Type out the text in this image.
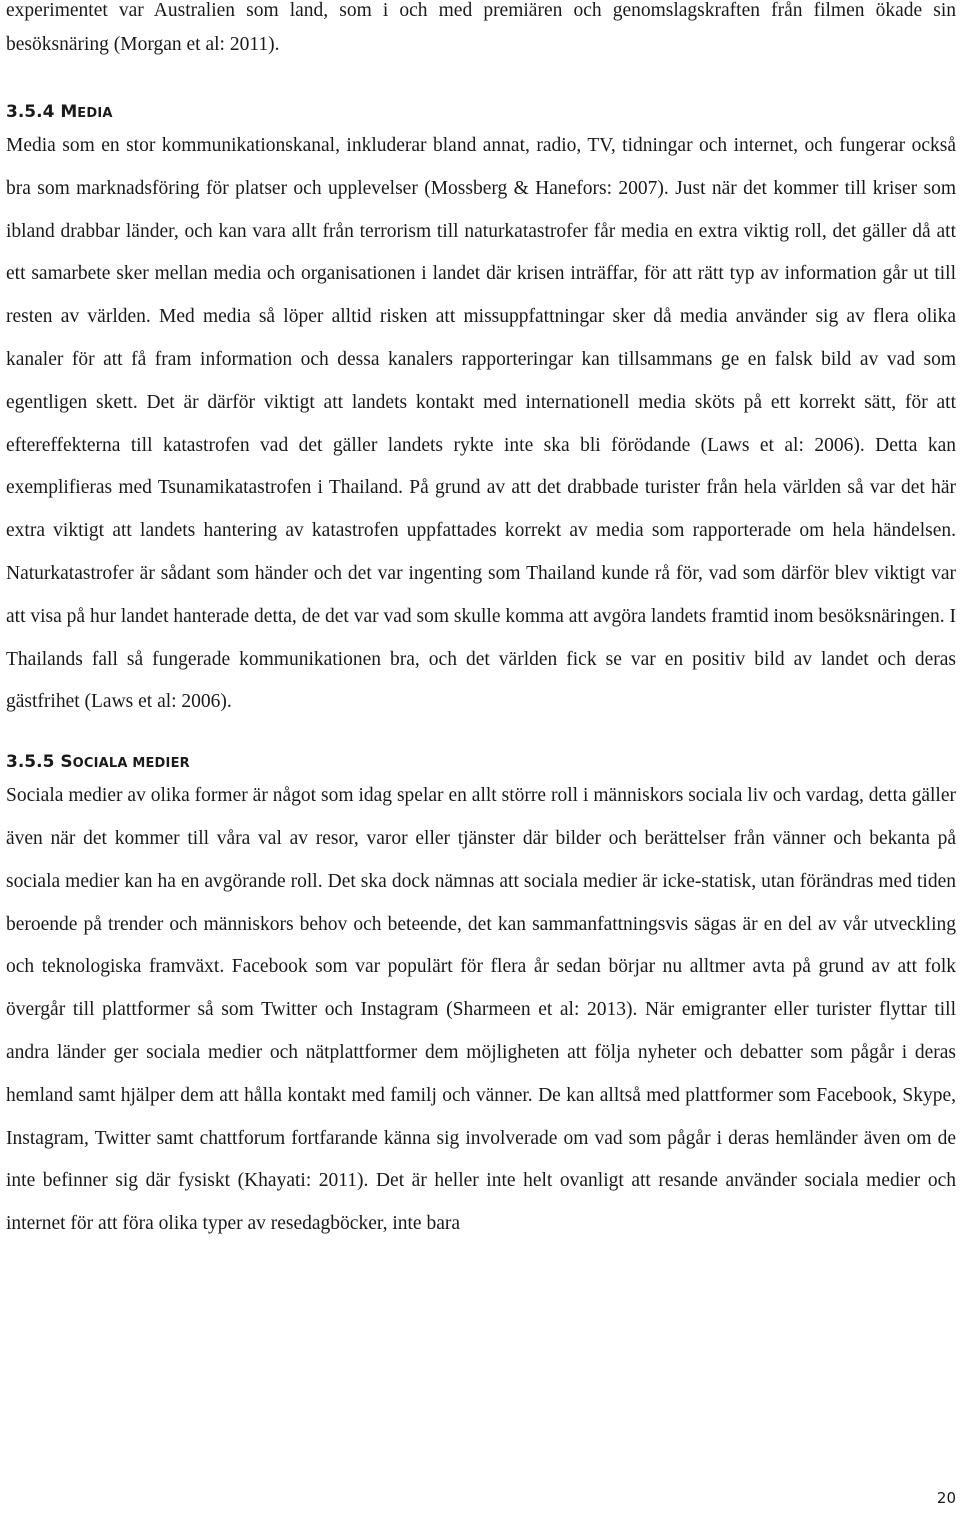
experimentet var Australien som land, som i och med premiären och genomslagskraften från filmen ökade sin besöksnäring (Morgan et al: 2011).

3.5.4 MEDIA

Media som en stor kommunikationskanal, inkluderar bland annat, radio, TV, tidningar och internet, och fungerar också bra som marknadsföring för platser och upplevelser (Mossberg & Hanefors: 2007). Just när det kommer till kriser som ibland drabbar länder, och kan vara allt från terrorism till naturkatastrofer får media en extra viktig roll, det gäller då att ett samarbete sker mellan media och organisationen i landet där krisen inträffar, för att rätt typ av information går ut till resten av världen. Med media så löper alltid risken att missuppfattningar sker då media använder sig av flera olika kanaler för att få fram information och dessa kanalers rapporteringar kan tillsammans ge en falsk bild av vad som egentligen skett. Det är därför viktigt att landets kontakt med internationell media sköts på ett korrekt sätt, för att eftereffekterna till katastrofen vad det gäller landets rykte inte ska bli förödande (Laws et al: 2006). Detta kan exemplifieras med Tsunamikatastrofen i Thailand. På grund av att det drabbade turister från hela världen så var det här extra viktigt att landets hantering av katastrofen uppfattades korrekt av media som rapporterade om hela händelsen. Naturkatastrofer är sådant som händer och det var ingenting som Thailand kunde rå för, vad som därför blev viktigt var att visa på hur landet hanterade detta, de det var vad som skulle komma att avgöra landets framtid inom besöksnäringen. I Thailands fall så fungerade kommunikationen bra, och det världen fick se var en positiv bild av landet och deras gästfrihet (Laws et al: 2006).

3.5.5 SOCIALA MEDIER

Sociala medier av olika former är något som idag spelar en allt större roll i människors sociala liv och vardag, detta gäller även när det kommer till våra val av resor, varor eller tjänster där bilder och berättelser från vänner och bekanta på sociala medier kan ha en avgörande roll. Det ska dock nämnas att sociala medier är icke-statisk, utan förändras med tiden beroende på trender och människors behov och beteende, det kan sammanfattningsvis sägas är en del av vår utveckling och teknologiska framväxt. Facebook som var populärt för flera år sedan börjar nu alltmer avta på grund av att folk övergår till plattformer så som Twitter och Instagram (Sharmeen et al: 2013). När emigranter eller turister flyttar till andra länder ger sociala medier och nätplattformer dem möjligheten att följa nyheter och debatter som pågår i deras hemland samt hjälper dem att hålla kontakt med familj och vänner. De kan alltså med plattformer som Facebook, Skype, Instagram, Twitter samt chattforum fortfarande känna sig involverade om vad som pågår i deras hemländer även om de inte befinner sig där fysiskt (Khayati: 2011). Det är heller inte helt ovanligt att resande använder sociala medier och internet för att föra olika typer av resedagböcker, inte bara

20
